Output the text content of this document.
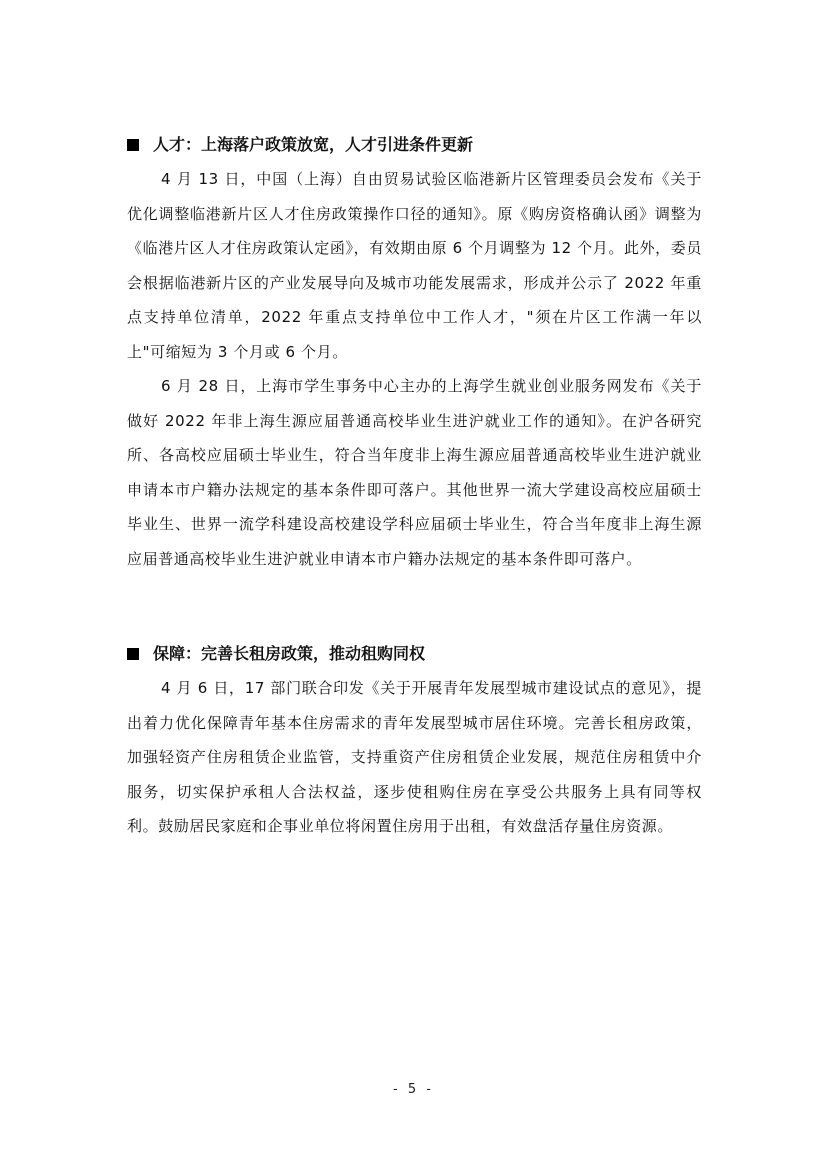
人才：上海落户政策放宽，人才引进条件更新

4 月 13 日，中国（上海）自由贸易试验区临港新片区管理委员会发布《关于优化调整临港新片区人才住房政策操作口径的通知》。原《购房资格确认函》调整为《临港片区人才住房政策认定函》，有效期由原 6 个月调整为 12 个月。此外，委员会根据临港新片区的产业发展导向及城市功能发展需求，形成并公示了 2022 年重点支持单位清单，2022 年重点支持单位中工作人才，"须在片区工作满一年以上"可缩短为 3 个月或 6 个月。

6 月 28 日，上海市学生事务中心主办的上海学生就业创业服务网发布《关于做好 2022 年非上海生源应届普通高校毕业生进沪就业工作的通知》。在沪各研究所、各高校应届硕士毕业生，符合当年度非上海生源应届普通高校毕业生进沪就业申请本市户籍办法规定的基本条件即可落户。其他世界一流大学建设高校应届硕士毕业生、世界一流学科建设高校建设学科应届硕士毕业生，符合当年度非上海生源应届普通高校毕业生进沪就业申请本市户籍办法规定的基本条件即可落户。

保障：完善长租房政策，推动租购同权

4 月 6 日，17 部门联合印发《关于开展青年发展型城市建设试点的意见》，提出着力优化保障青年基本住房需求的青年发展型城市居住环境。完善长租房政策，加强轻资产住房租赁企业监管，支持重资产住房租赁企业发展，规范住房租赁中介服务，切实保护承租人合法权益，逐步使租购住房在享受公共服务上具有同等权利。鼓励居民家庭和企事业单位将闲置住房用于出租，有效盘活存量住房资源。

- 5 -
